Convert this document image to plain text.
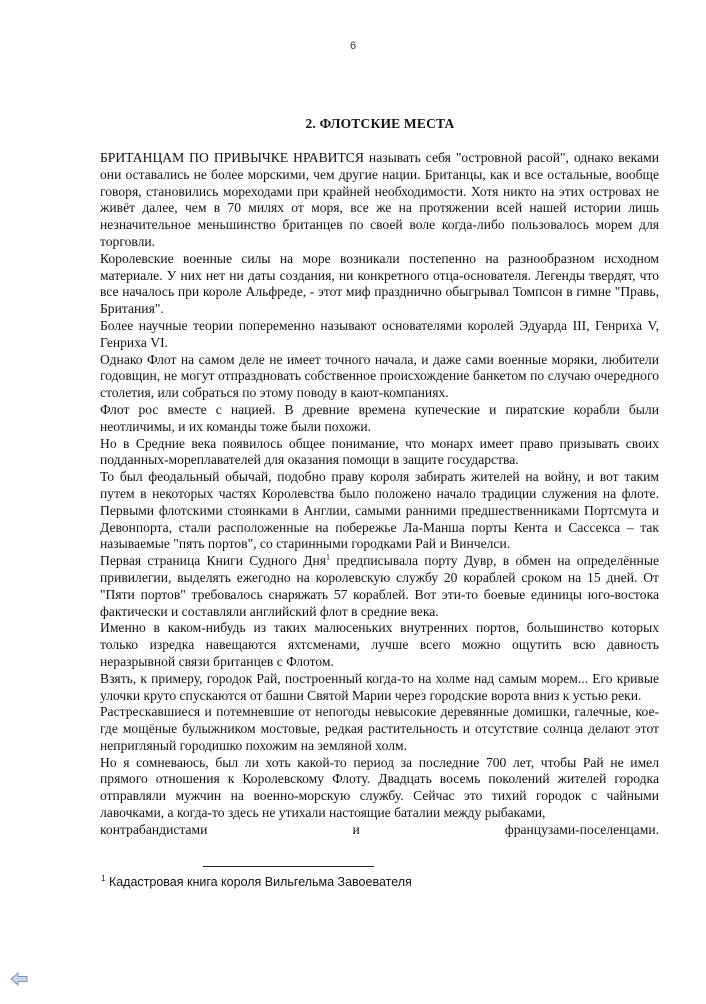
6
2. ФЛОТСКИЕ МЕСТА

БРИТАНЦАМ ПО ПРИВЫЧКЕ НРАВИТСЯ называть себя "островной расой", однако веками они оставались не более морскими, чем другие нации. Британцы, как и все остальные, вообще говоря, становились мореходами при крайней необходимости. Хотя никто на этих островах не живёт далее, чем в 70 милях от моря, все же на протяжении всей нашей истории лишь незначительное меньшинство британцев по своей воле когда-либо пользовалось морем для торговли.

Королевские военные силы на море возникали постепенно на разнообразном исходном материале. У них нет ни даты создания, ни конкретного отца-основателя. Легенды твердят, что все началось при короле Альфреде, - этот миф празднично обыгрывал Томпсон в гимне "Правь, Британия".

Более научные теории попеременно называют основателями королей Эдуарда III, Генриха V, Генриха VI.

Однако Флот на самом деле не имеет точного начала, и даже сами военные моряки, любители годовщин, не могут отпраздновать собственное происхождение банкетом по случаю очередного столетия, или собраться по этому поводу в кают-компаниях.

Флот рос вместе с нацией. В древние времена купеческие и пиратские корабли были неотличимы, и их команды тоже были похожи.

Но в Средние века появилось общее понимание, что монарх имеет право призывать своих подданных-мореплавателей для оказания помощи в защите государства.

То был феодальный обычай, подобно праву короля забирать жителей на войну, и вот таким путем в некоторых частях Королевства было положено начало традиции служения на флоте. Первыми флотскими стоянками в Англии, самыми ранними предшественниками Портсмута и Девонпорта, стали расположенные на побережье Ла-Манша порты Кента и Сассекса – так называемые "пять портов", со старинными городками Рай и Винчелси.

Первая страница Книги Судного Дня$^1$ предписывала порту Дувр, в обмен на определённые привилегии, выделять ежегодно на королевскую службу 20 кораблей сроком на 15 дней. От "Пяти портов" требовалось снаряжать 57 кораблей. Вот эти-то боевые единицы юго-востока фактически и составляли английский флот в средние века.

Именно в каком-нибудь из таких малюсеньких внутренних портов, большинство которых только изредка навещаются яхтсменами, лучше всего можно ощутить всю давность неразрывной связи британцев с Флотом.

Взять, к примеру, городок Рай, построенный когда-то на холме над самым морем... Его кривые улочки круто спускаются от башни Святой Марии через городские ворота вниз к устью реки.

Растрескавшиеся и потемневшие от непогоды невысокие деревянные домишки, галечные, кое-где мощёные булыжником мостовые, редкая растительность и отсутствие солнца делают этот непригляный городишко похожим на земляной холм.

Но я сомневаюсь, был ли хоть какой-то период за последние 700 лет, чтобы Рай не имел прямого отношения к Королевскому Флоту. Двадцать восемь поколений жителей городка отправляли мужчин на военно-морскую службу. Сейчас это тихий городок с чайными лавочками, а когда-то здесь не утихали настоящие баталии между рыбаками,
контрабандистами и французами-поселенцами.

$^1$ Кадастровая книга короля Вильгельма Завоевателя
